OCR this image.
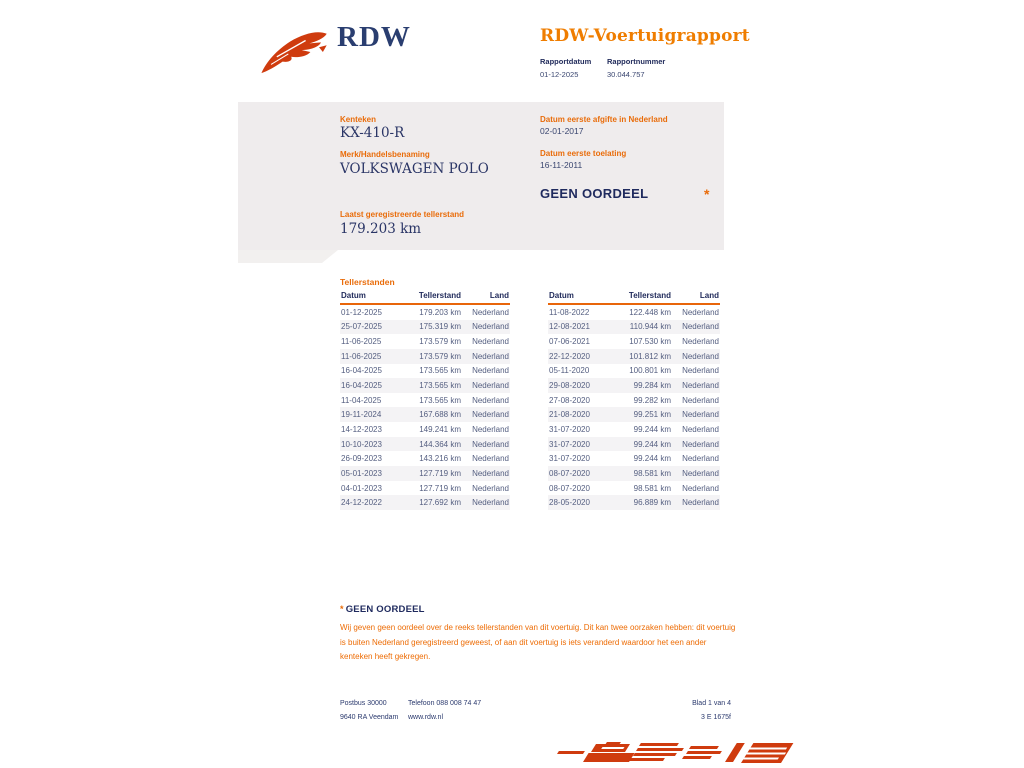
RDW	RDW-Voertuigrapport
Rapportdatum Rapportnummer
01-12-2025	30.044.757
Kenteken
KX-410-R
Merk/Handelsbenaming
VOLKSWAGEN POLO
Laatst geregistreerde tellerstand
179.203 km
Datum eerste afgifte in Nederland
02-01-2017
Datum eerste toelating
16-11-2011
GEEN OORDEEL	*
Tellerstanden
Datum	Tellerstand	Land
01-12-2025	179.203 km	Nederland
25-07-2025	175.319 km	Nederland
11-06-2025	173.579 km	Nederland
11-06-2025	173.579 km	Nederland
16-04-2025	173.565 km	Nederland
16-04-2025	173.565 km	Nederland
11-04-2025	173.565 km	Nederland
19-11-2024	167.688 km	Nederland
14-12-2023	149.241 km	Nederland
10-10-2023	144.364 km	Nederland
26-09-2023	143.216 km	Nederland
05-01-2023	127.719 km	Nederland
04-01-2023	127.719 km	Nederland
24-12-2022	127.692 km	Nederland
Datum	Tellerstand	Land
11-08-2022	122.448 km	Nederland
12-08-2021	110.944 km	Nederland
07-06-2021	107.530 km	Nederland
22-12-2020	101.812 km	Nederland
05-11-2020	100.801 km	Nederland
29-08-2020	99.284 km	Nederland
27-08-2020	99.282 km	Nederland
21-08-2020	99.251 km	Nederland
31-07-2020	99.244 km	Nederland
31-07-2020	99.244 km	Nederland
31-07-2020	99.244 km	Nederland
08-07-2020	98.581 km	Nederland
08-07-2020	98.581 km	Nederland
28-05-2020	96.889 km	Nederland
* GEEN OORDEEL
Wij geven geen oordeel over de reeks tellerstanden van dit voertuig. Dit kan twee oorzaken hebben: dit voertuig is buiten Nederland geregistreerd geweest, of aan dit voertuig is iets veranderd waardoor het een ander kenteken heeft gekregen.
Postbus 30000
9640 RA Veendam
Telefoon 088 008 74 47
www.rdw.nl
Blad 1 van 4
3 E 1675f
